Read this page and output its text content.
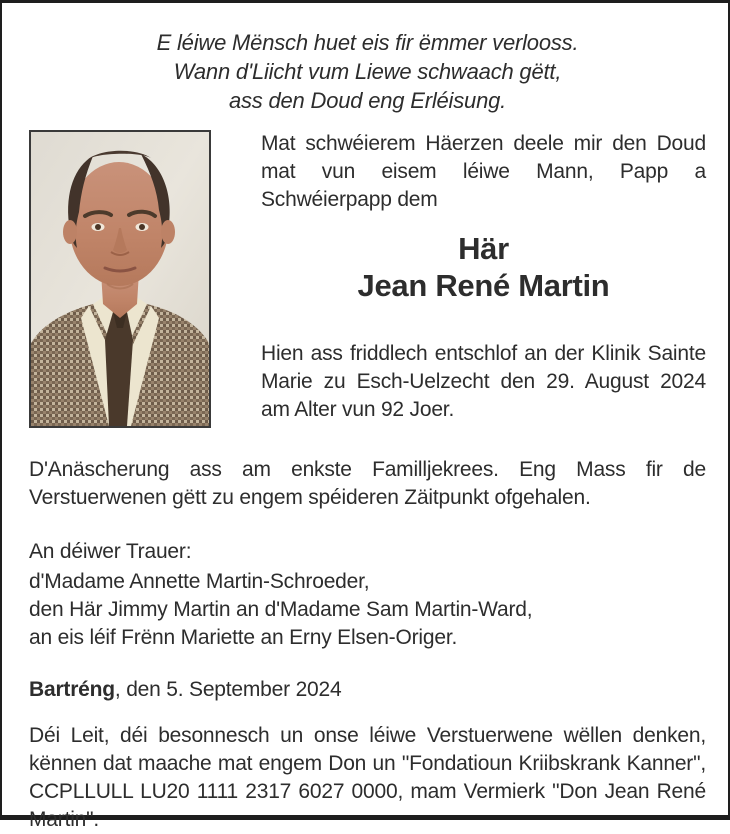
E léiwe Mënsch huet eis fir ëmmer verlooss.
Wann d'Liicht vum Liewe schwaach gëtt,
ass den Doud eng Erléisung.

Mat schwéierem Häerzen deele mir den Doud mat vun eisem léiwe Mann, Papp a Schwéierpapp dem

Här
Jean René Martin

Hien ass friddlech entschlof an der Klinik Sainte Marie zu Esch-Uelzecht den 29. August 2024 am Alter vun 92 Joer.

D'Anäscherung ass am enkste Familljekrees. Eng Mass fir de Verstuerwenen gëtt zu engem spéideren Zäitpunkt ofgehalen.

An déiwer Trauer:
d'Madame Annette Martin-Schroeder,
den Här Jimmy Martin an d'Madame Sam Martin-Ward,
an eis léif Frënn Mariette an Erny Elsen-Origer.
Bartréng, den 5. September 2024

Déi Leit, déi besonnesch un onse léiwe Verstuerwene wëllen denken, kënnen dat maache mat engem Don un "Fondatioun Kriibskrank Kanner", CCPLLULL LU20 1111 2317 6027 0000, mam Vermierk "Don Jean René Martin".
